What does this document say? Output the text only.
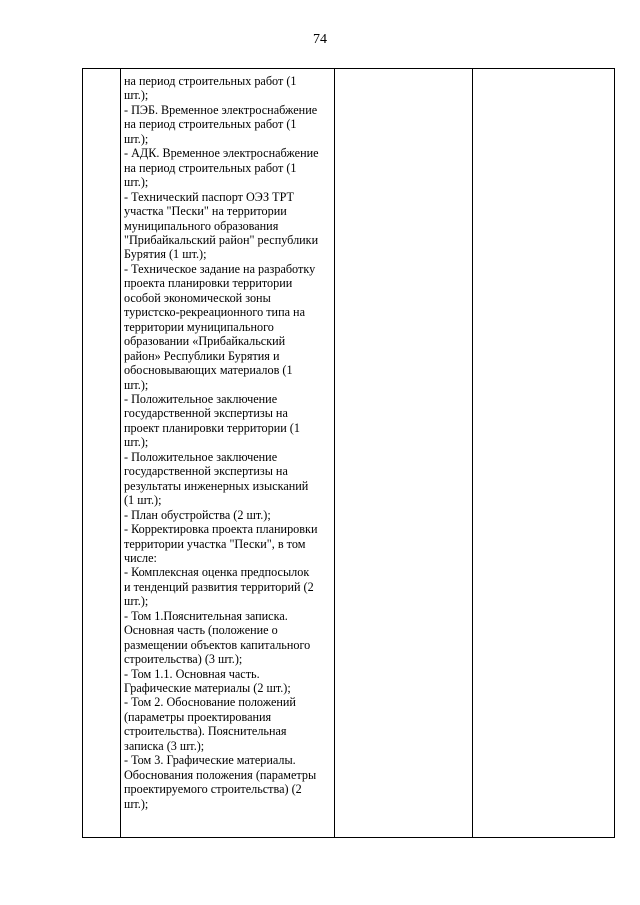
74

на период строительных работ (1
шт.);
- ПЭБ. Временное электроснабжение
на период строительных работ (1
шт.);
- АДК. Временное электроснабжение
на период строительных работ (1
шт.);
- Технический паспорт ОЭЗ ТРТ
участка "Пески" на территории
муниципального образования
"Прибайкальский район" республики
Бурятия (1 шт.);
- Техническое задание на разработку
проекта планировки территории
особой экономической зоны
туристско-рекреационного типа на
территории муниципального
образовании «Прибайкальский
район» Республики Бурятия и
обосновывающих материалов (1
шт.);
- Положительное заключение
государственной экспертизы на
проект планировки территории (1
шт.);
- Положительное заключение
государственной экспертизы на
результаты инженерных изысканий
(1 шт.);
- План обустройства (2 шт.);
- Корректировка проекта планировки
территории участка "Пески", в том
числе:
- Комплексная оценка предпосылок
и тенденций развития территорий (2
шт.);
- Том 1.Пояснительная записка.
Основная часть (положение о
размещении объектов капитального
строительства) (3 шт.);
- Том 1.1. Основная часть.
Графические материалы (2 шт.);
- Том 2. Обоснование положений
(параметры проектирования
строительства). Пояснительная
записка (3 шт.);
- Том 3. Графические материалы.
Обоснования положения (параметры
проектируемого строительства) (2
шт.);
